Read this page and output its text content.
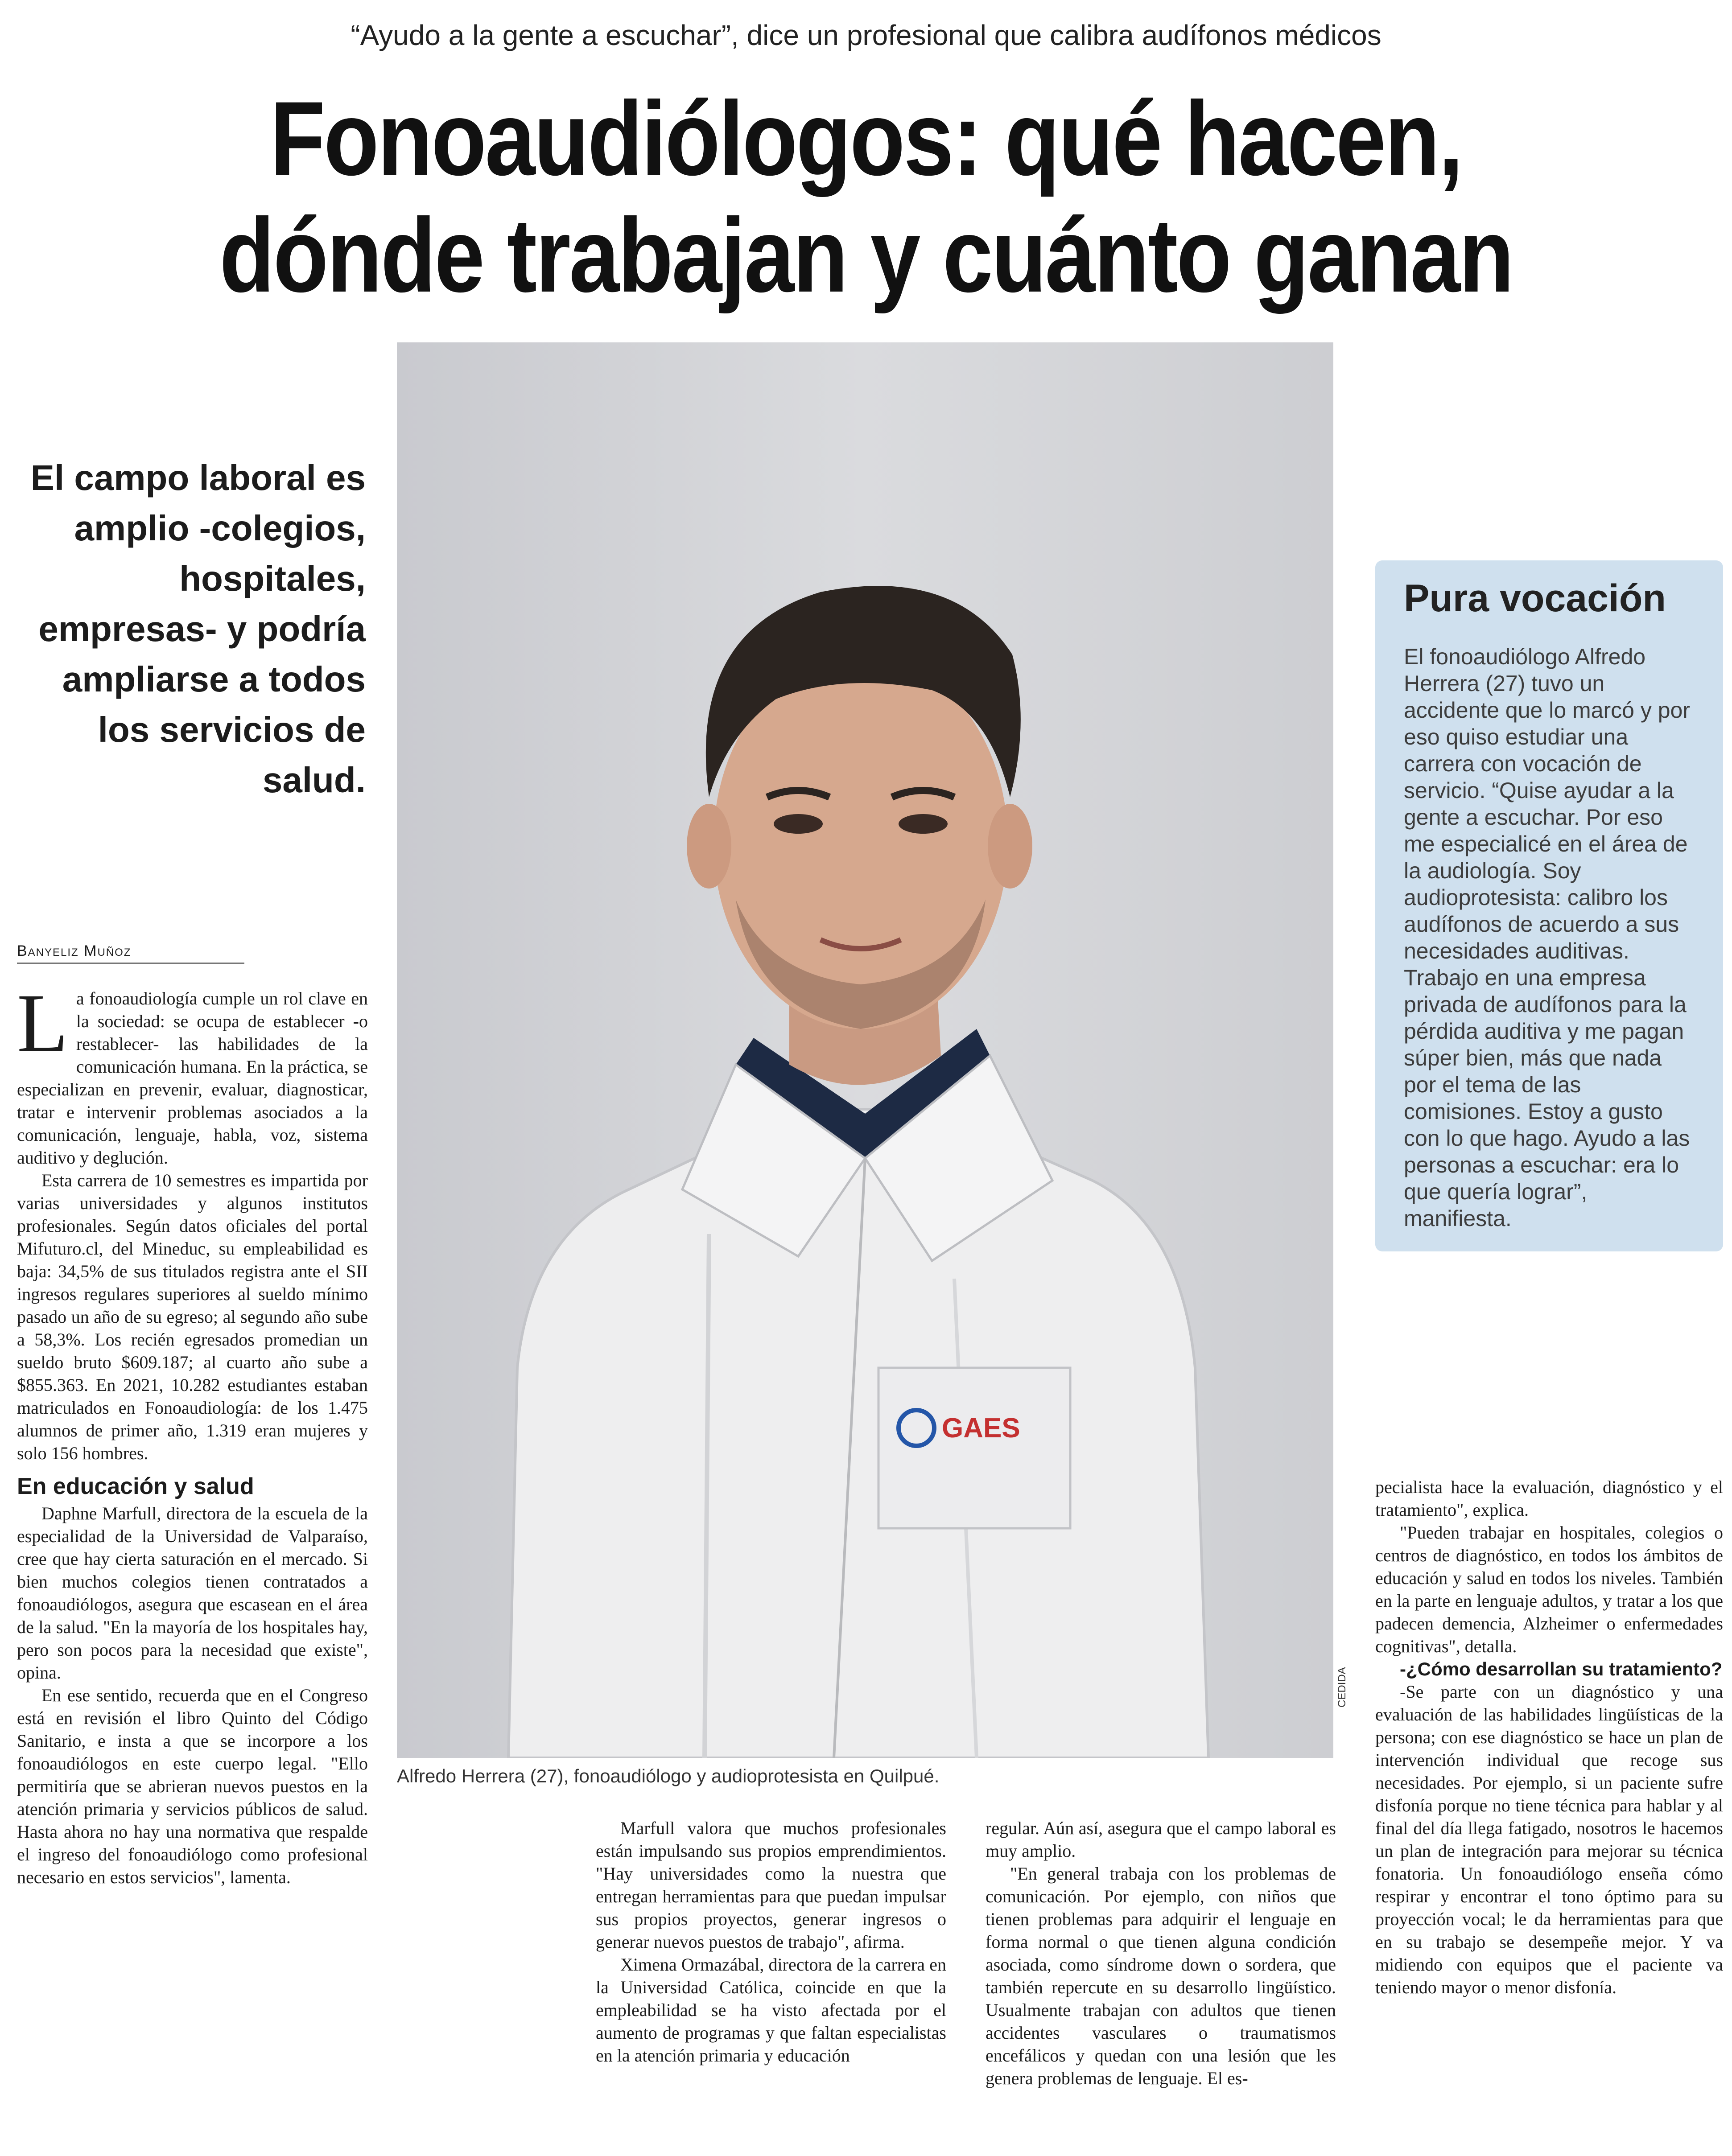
“Ayudo a la gente a escuchar”, dice un profesional que calibra audífonos médicos
Fonoaudiólogos: qué hacen,
dónde trabajan y cuánto ganan
El campo laboral es amplio -colegios, hospitales, empresas- y podría ampliarse a todos los servicios de salud.
Banyeliz Muñoz

La fonoaudiología cumple un rol clave en la sociedad: se ocupa de establecer -o restablecer- las habilidades de la comunicación humana. En la práctica, se especializan en prevenir, evaluar, diagnosticar, tratar e intervenir problemas asociados a la comunicación, lenguaje, habla, voz, sistema auditivo y deglución.

Esta carrera de 10 semestres es impartida por varias universidades y algunos institutos profesionales. Según datos oficiales del portal Mifuturo.cl, del Mineduc, su empleabilidad es baja: 34,5% de sus titulados registra ante el SII ingresos regulares superiores al sueldo mínimo pasado un año de su egreso; al segundo año sube a 58,3%. Los recién egresados promedian un sueldo bruto $609.187; al cuarto año sube a $855.363. En 2021, 10.282 estudiantes estaban matriculados en Fonoaudiología: de los 1.475 alumnos de primer año, 1.319 eran mujeres y solo 156 hombres.

En educación y salud

Daphne Marfull, directora de la escuela de la especialidad de la Universidad de Valparaíso, cree que hay cierta saturación en el mercado. Si bien muchos colegios tienen contratados a fonoaudiólogos, asegura que escasean en el área de la salud. "En la mayoría de los hospitales hay, pero son pocos para la necesidad que existe", opina.

En ese sentido, recuerda que en el Congreso está en revisión el libro Quinto del Código Sanitario, e insta a que se incorpore a los fonoaudiólogos en este cuerpo legal. "Ello permitiría que se abrieran nuevos puestos en la atención primaria y servicios públicos de salud. Hasta ahora no hay una normativa que respalde el ingreso del fonoaudiólogo como profesional necesario en estos servicios", lamenta.

GAES
CEDIDA
Alfredo Herrera (27), fonoaudiólogo y audioprotesista en Quilpué.
Pura vocación
El fonoaudiólogo Alfredo Herrera (27) tuvo un accidente que lo marcó y por eso quiso estudiar una carrera con vocación de servicio. “Quise ayudar a la gente a escuchar. Por eso me especialicé en el área de la audiología. Soy audioprotesista: calibro los audífonos de acuerdo a sus necesidades auditivas. Trabajo en una empresa privada de audífonos para la pérdida auditiva y me pagan súper bien, más que nada por el tema de las comisiones. Estoy a gusto con lo que hago. Ayudo a las personas a escuchar: era lo que quería lograr”, manifiesta.

Marfull valora que muchos profesionales están impulsando sus propios emprendimientos. "Hay universidades como la nuestra que entregan herramientas para que puedan impulsar sus propios proyectos, generar ingresos o generar nuevos puestos de trabajo", afirma.

Ximena Ormazábal, directora de la carrera en la Universidad Católica, coincide en que la empleabilidad se ha visto afectada por el aumento de programas y que faltan especialistas en la atención primaria y educación

regular. Aún así, asegura que el campo laboral es muy amplio.

"En general trabaja con los problemas de comunicación. Por ejemplo, con niños que tienen problemas para adquirir el lenguaje en forma normal o que tienen alguna condición asociada, como síndrome down o sordera, que también repercute en su desarrollo lingüístico. Usualmente trabajan con adultos que tienen accidentes vasculares o traumatismos encefálicos y quedan con una lesión que les genera problemas de lenguaje. El es-

pecialista hace la evaluación, diagnóstico y el tratamiento", explica.

"Pueden trabajar en hospitales, colegios o centros de diagnóstico, en todos los ámbitos de educación y salud en todos los niveles. También en la parte en lenguaje adultos, y tratar a los que padecen demencia, Alzheimer o enfermedades cognitivas", detalla.

-¿Cómo desarrollan su tratamiento?

-Se parte con un diagnóstico y una evaluación de las habilidades lingüísticas de la persona; con ese diagnóstico se hace un plan de intervención individual que recoge sus necesidades. Por ejemplo, si un paciente sufre disfonía porque no tiene técnica para hablar y al final del día llega fatigado, nosotros le hacemos un plan de integración para mejorar su técnica fonatoria. Un fonoaudiólogo enseña cómo respirar y encontrar el tono óptimo para su proyección vocal; le da herramientas para que en su trabajo se desempeñe mejor. Y va midiendo con equipos que el paciente va teniendo mayor o menor disfonía.
